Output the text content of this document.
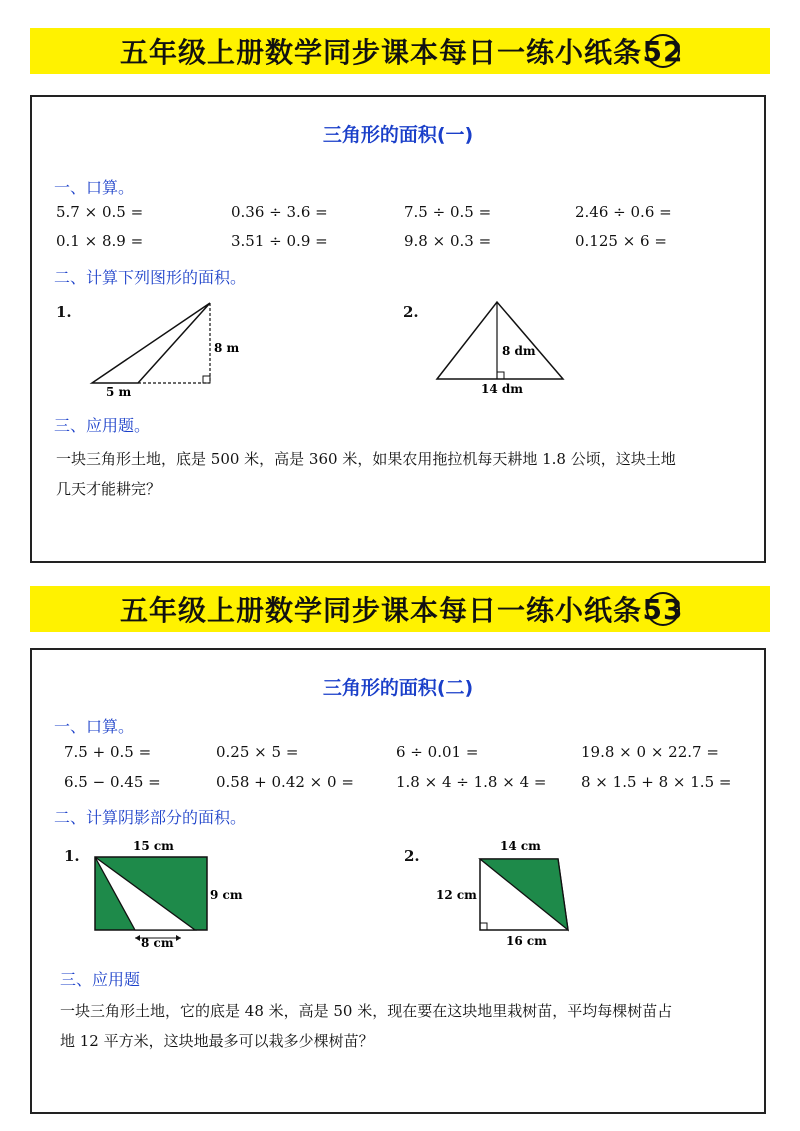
五年级上册数学同步课本每日一练小纸条 52
三角形的面积(一)
一、口算。
5.7 × 0.5 =	0.36 ÷ 3.6 =	7.5 ÷ 0.5 =	2.46 ÷ 0.6 =
0.1 × 8.9 =	3.51 ÷ 0.9 =	9.8 × 0.3 =	0.125 × 6 =
二、计算下列图形的面积。
1.
5 m
8 m
2.
8 dm
14 dm
三、应用题。
一块三角形土地，底是 500 米，高是 360 米，如果农用拖拉机每天耕地 1.8 公顷，这块土地
几天才能耕完？
五年级上册数学同步课本每日一练小纸条 53
三角形的面积(二)
一、口算。
7.5 + 0.5 =	0.25 × 5 =	6 ÷ 0.01 =	19.8 × 0 × 22.7 =
6.5 − 0.45 =	0.58 + 0.42 × 0 =	1.8 × 4 ÷ 1.8 × 4 = 8 × 1.5 + 8 × 1.5 =
二、计算阴影部分的面积。
1.
15 cm
8 cm
9 cm
2.
14 cm
12 cm
16 cm
三、应用题
一块三角形土地，它的底是 48 米，高是 50 米，现在要在这块地里栽树苗，平均每棵树苗占
地 12 平方米，这块地最多可以栽多少棵树苗？
